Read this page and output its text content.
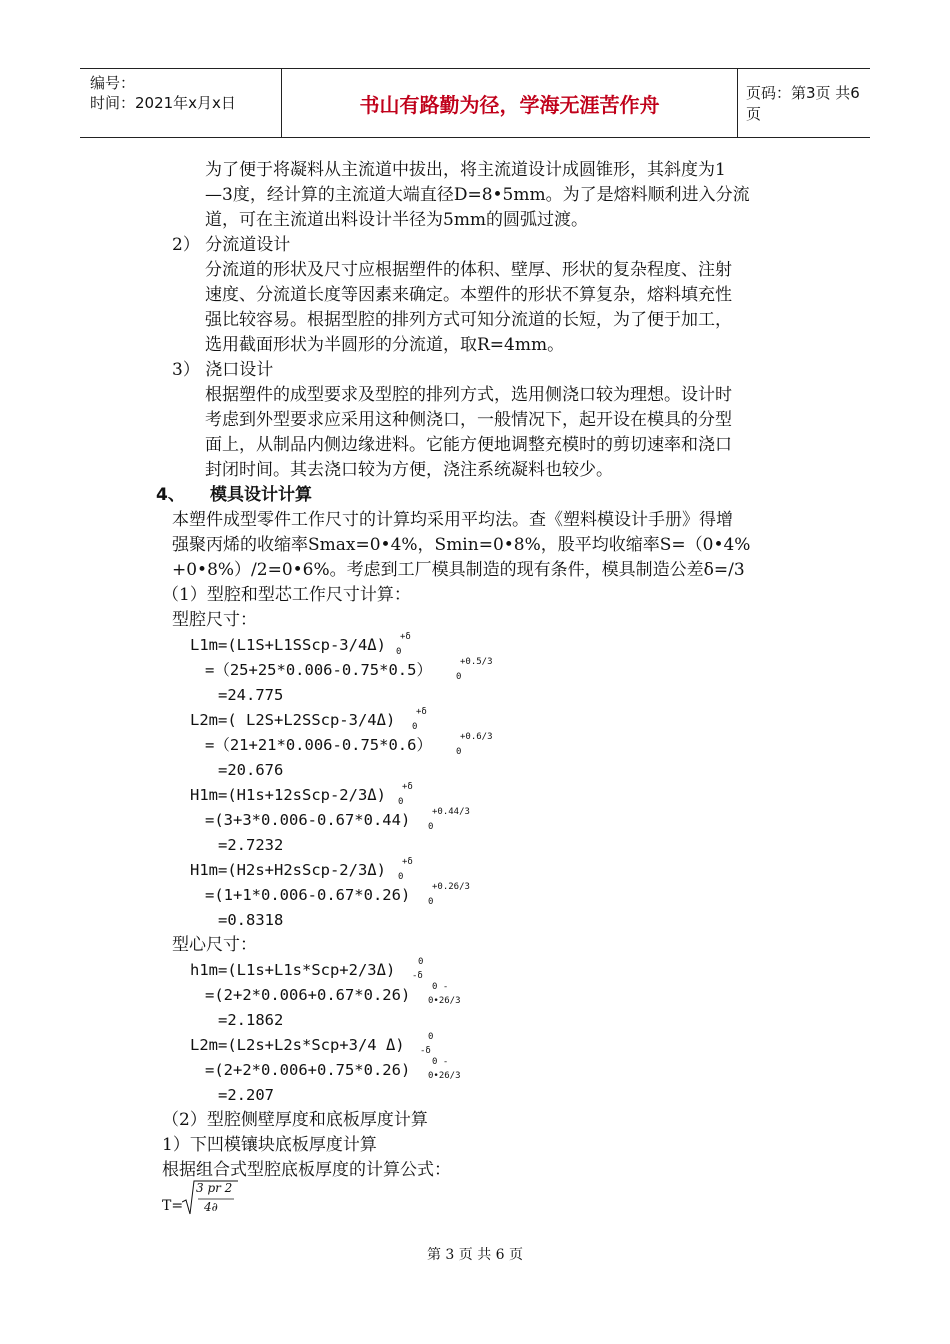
编号：
时间：2021年x月x日	书山有路勤为径，学海无涯苦作舟	页码：第3页 共6页
为了便于将凝料从主流道中拔出，将主流道设计成圆锥形，其斜度为1
—3度，经计算的主流道大端直径D=8•5mm。为了是熔料顺利进入分流
道，可在主流道出料设计半径为5mm的圆弧过渡。
2） 分流道设计
分流道的形状及尺寸应根据塑件的体积、壁厚、形状的复杂程度、注射
速度、分流道长度等因素来确定。本塑件的形状不算复杂，熔料填充性
强比较容易。根据型腔的排列方式可知分流道的长短，为了便于加工，
选用截面形状为半圆形的分流道，取R=4mm。
3） 浇口设计
根据塑件的成型要求及型腔的排列方式，选用侧浇口较为理想。设计时
考虑到外型要求应采用这种侧浇口，一般情况下，起开设在模具的分型
面上，从制品内侧边缘进料。它能方便地调整充模时的剪切速率和浇口
封闭时间。其去浇口较为方便，浇注系统凝料也较少。
4、 模具设计计算
本塑件成型零件工作尺寸的计算均采用平均法。查《塑料模设计手册》得增
强聚丙烯的收缩率Smax=0•4%，Smin=0•8%，股平均收缩率S=（0•4%
+0•8%）/2=0•6%。考虑到工厂模具制造的现有条件，模具制造公差δ=/3
（1）型腔和型芯工作尺寸计算：
型腔尺寸：
L1m=(L1S+L1SScp-3/4Δ) +δ
0
=（25+25*0.006-0.75*0.5）	+0.5/3
0
=24.775
L2m=( L2S+L2SScp-3/4Δ) +δ
0
=（21+21*0.006-0.75*0.6）	+0.6/3
0
=20.676
H1m=(H1s+12sScp-2/3Δ) +δ
0
=(3+3*0.006-0.67*0.44) +0.44/3
0
=2.7232
H1m=(H2s+H2sScp-2/3Δ) +δ
0
=(1+1*0.006-0.67*0.26) +0.26/3
0
=0.8318
型心尺寸：
h1m=(L1s+L1s*Scp+2/3Δ)	0
-δ
=(2+2*0.006+0.67*0.26) 0 -
0•26/3
=2.1862
L2m=(L2s+L2s*Scp+3/4 Δ)	0
-δ
=(2+2*0.006+0.75*0.26) 0 -
0•26/3
=2.207
（2）型腔侧壁厚度和底板厚度计算
1）下凹模镶块底板厚度计算
根据组合式型腔底板厚度的计算公式：
T=
3 pr 2
4∂
第 3 页 共 6 页
